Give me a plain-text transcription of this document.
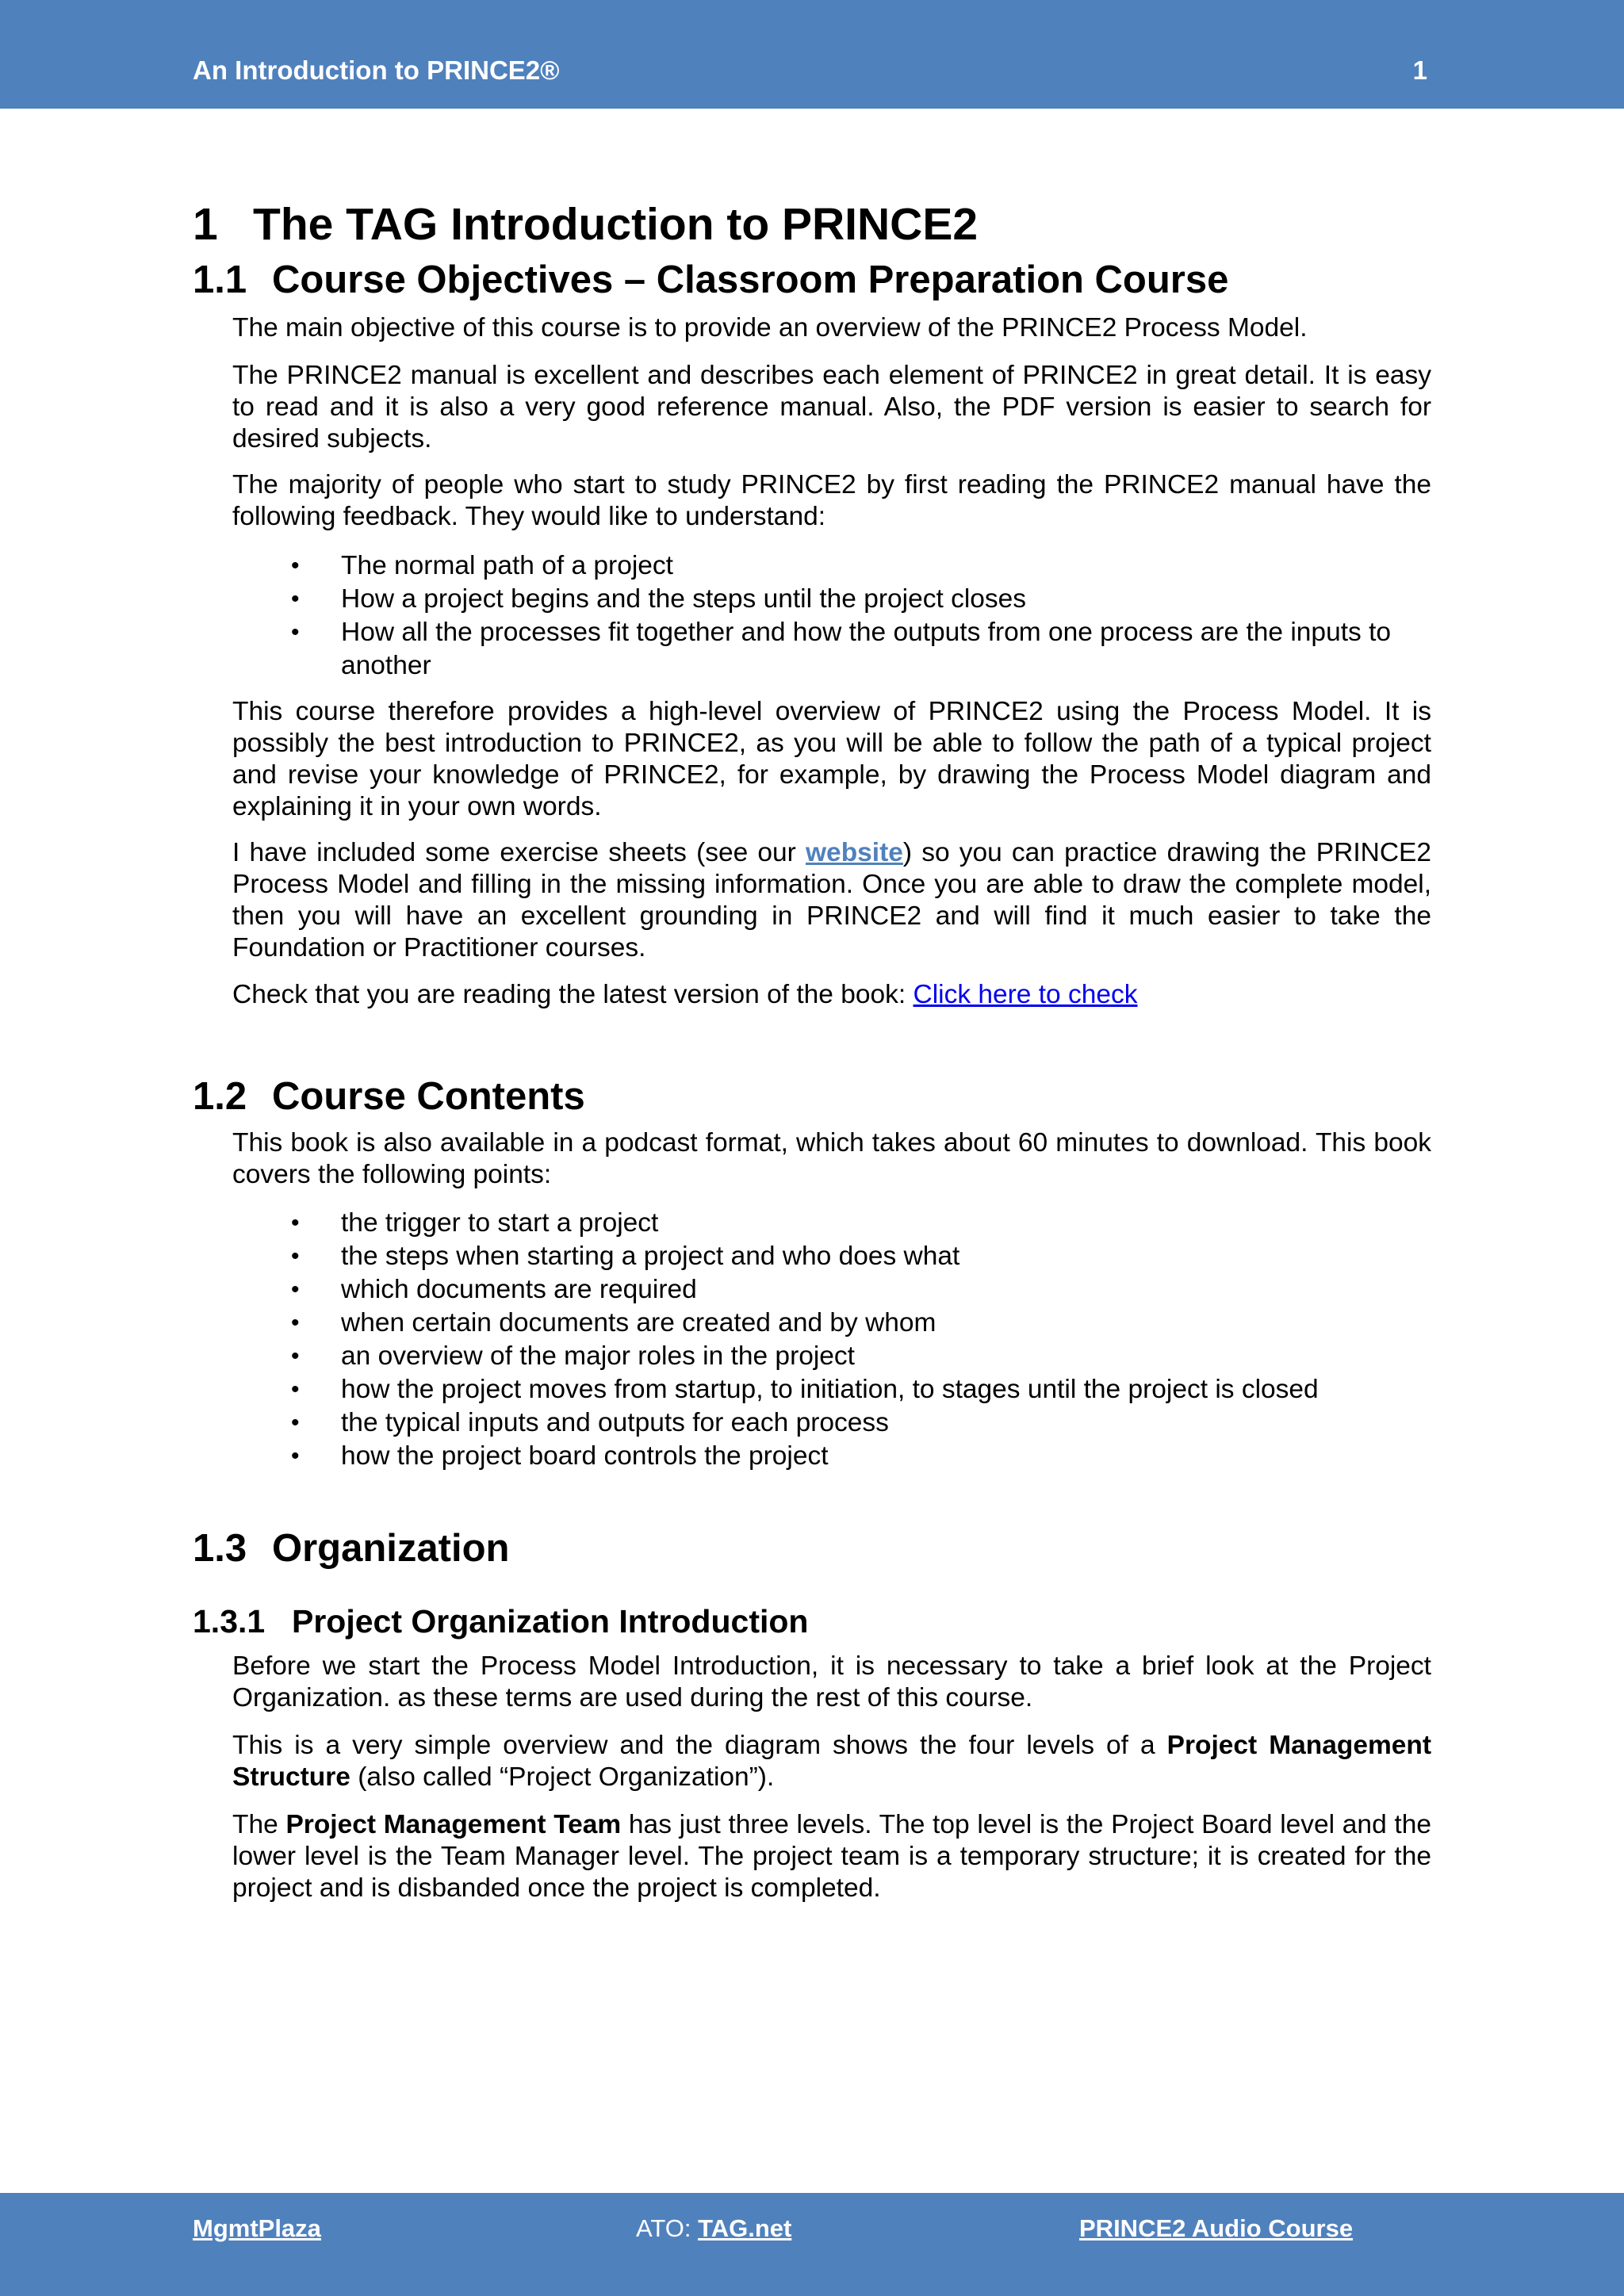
An Introduction to PRINCE2®	1
1 The TAG Introduction to PRINCE2
1.1 Course Objectives – Classroom Preparation Course

The main objective of this course is to provide an overview of the PRINCE2 Process Model.

The PRINCE2 manual is excellent and describes each element of PRINCE2 in great detail. It is easy to read and it is also a very good reference manual. Also, the PDF version is easier to search for desired subjects.

The majority of people who start to study PRINCE2 by first reading the PRINCE2 manual have the following feedback. They would like to understand:

• The normal path of a project
• How a project begins and the steps until the project closes
• How all the processes fit together and how the outputs from one process are the inputs to another

This course therefore provides a high-level overview of PRINCE2 using the Process Model. It is possibly the best introduction to PRINCE2, as you will be able to follow the path of a typical project and revise your knowledge of PRINCE2, for example, by drawing the Process Model diagram and explaining it in your own words.

I have included some exercise sheets (see our website) so you can practice drawing the PRINCE2 Process Model and filling in the missing information. Once you are able to draw the complete model, then you will have an excellent grounding in PRINCE2 and will find it much easier to take the Foundation or Practitioner courses.

Check that you are reading the latest version of the book: Click here to check

1.2 Course Contents

This book is also available in a podcast format, which takes about 60 minutes to download. This book covers the following points:

• the trigger to start a project
• the steps when starting a project and who does what
• which documents are required
• when certain documents are created and by whom
• an overview of the major roles in the project
• how the project moves from startup, to initiation, to stages until the project is closed
• the typical inputs and outputs for each process
• how the project board controls the project
1.3 Organization
1.3.1 Project Organization Introduction

Before we start the Process Model Introduction, it is necessary to take a brief look at the Project Organization. as these terms are used during the rest of this course.

This is a very simple overview and the diagram shows the four levels of a Project Management Structure (also called “Project Organization”).

The Project Management Team has just three levels. The top level is the Project Board level and the lower level is the Team Manager level. The project team is a temporary structure; it is created for the project and is disbanded once the project is completed.

MgmtPlaza	ATO: TAG.net	PRINCE2 Audio Course
